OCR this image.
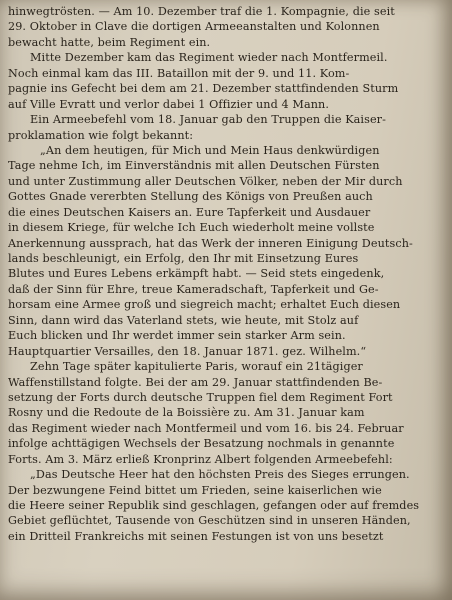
hinwegtrösten. — Am 10. Dezember traf die 1. Kompagnie, die seit
29. Oktober in Clave die dortigen Armeeanstalten und Kolonnen
bewacht hatte, beim Regiment ein.
Mitte Dezember kam das Regiment wieder nach Montfermeil.
Noch einmal kam das III. Bataillon mit der 9. und 11. Kom-
pagnie ins Gefecht bei dem am 21. Dezember stattfindenden Sturm
auf Ville Evratt und verlor dabei 1 Offizier und 4 Mann.
Ein Armeebefehl vom 18. Januar gab den Truppen die Kaiser-
proklamation wie folgt bekannt:
„An dem heutigen, für Mich und Mein Haus denkwürdigen
Tage nehme Ich, im Einverständnis mit allen Deutschen Fürsten
und unter Zustimmung aller Deutschen Völker, neben der Mir durch
Gottes Gnade vererbten Stellung des Königs von Preußen auch
die eines Deutschen Kaisers an. Eure Tapferkeit und Ausdauer
in diesem Kriege, für welche Ich Euch wiederholt meine vollste
Anerkennung aussprach, hat das Werk der inneren Einigung Deutsch-
lands beschleunigt, ein Erfolg, den Ihr mit Einsetzung Eures
Blutes und Eures Lebens erkämpft habt. — Seid stets eingedenk,
daß der Sinn für Ehre, treue Kameradschaft, Tapferkeit und Ge-
horsam eine Armee groß und siegreich macht; erhaltet Euch diesen
Sinn, dann wird das Vaterland stets, wie heute, mit Stolz auf
Euch blicken und Ihr werdet immer sein starker Arm sein.
Hauptquartier Versailles, den 18. Januar 1871. gez. Wilhelm.“
Zehn Tage später kapitulierte Paris, worauf ein 21tägiger
Waffenstillstand folgte. Bei der am 29. Januar stattfindenden Be-
setzung der Forts durch deutsche Truppen fiel dem Regiment Fort
Rosny und die Redoute de la Boissière zu. Am 31. Januar kam
das Regiment wieder nach Montfermeil und vom 16. bis 24. Februar
infolge achttägigen Wechsels der Besatzung nochmals in genannte
Forts. Am 3. März erließ Kronprinz Albert folgenden Armeebefehl:
„Das Deutsche Heer hat den höchsten Preis des Sieges errungen.
Der bezwungene Feind bittet um Frieden, seine kaiserlichen wie
die Heere seiner Republik sind geschlagen, gefangen oder auf fremdes
Gebiet geflüchtet, Tausende von Geschützen sind in unseren Händen,
ein Dritteil Frankreichs mit seinen Festungen ist von uns besetzt
